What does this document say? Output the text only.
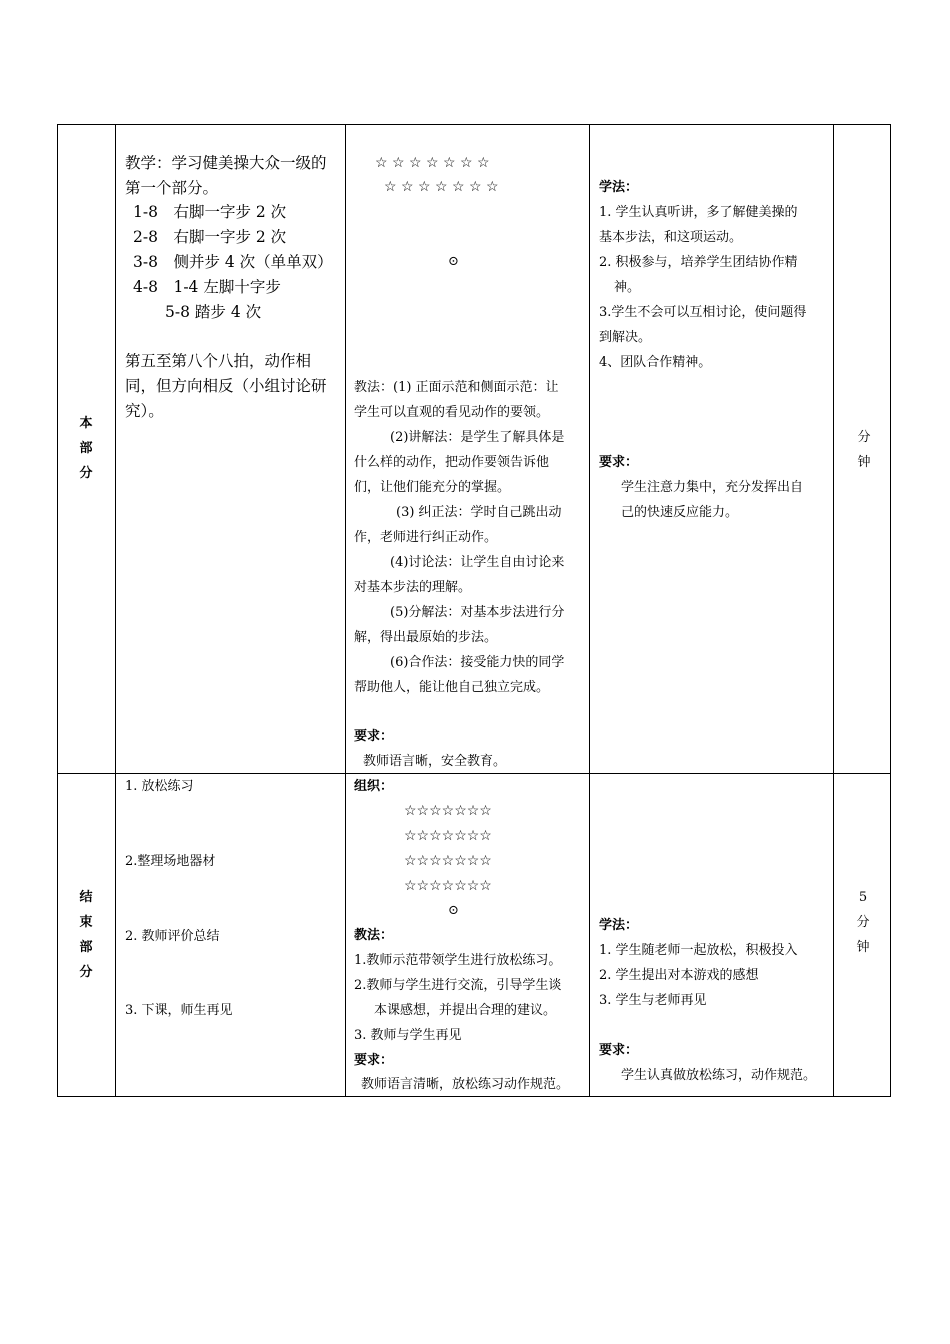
本
部
分
教学：学习健美操大众一级的
第一个部分。
1-8　右脚一字步 2 次
2-8　右脚一字步 2 次
3-8　侧并步 4 次（单单双）
4-8　1-4 左脚十字步
5-8 踏步 4 次
第五至第八个八拍，动作相
同，但方向相反（小组讨论研
究）。
☆ ☆ ☆ ☆ ☆ ☆ ☆
☆ ☆ ☆ ☆ ☆ ☆ ☆
⊙
教法：(1) 正面示范和侧面示范：让
学生可以直观的看见动作的要领。
(2)讲解法：是学生了解具体是
什么样的动作，把动作要领告诉他
们，让他们能充分的掌握。
(3) 纠正法：学时自己跳出动
作，老师进行纠正动作。
(4)讨论法：让学生自由讨论来
对基本步法的理解。
(5)分解法：对基本步法进行分
解，得出最原始的步法。
(6)合作法：接受能力快的同学
帮助他人，能让他自己独立完成。
要求：
教师语言晰，安全教育。
学法：
1. 学生认真听讲，多了解健美操的
基本步法，和这项运动。
2. 积极参与，培养学生团结协作精
神。
3.学生不会可以互相讨论，使问题得
到解决。
4、团队合作精神。
要求：
学生注意力集中，充分发挥出自
己的快速反应能力。
分
钟
结
束
部
分
1. 放松练习
2.整理场地器材
2. 教师评价总结
3. 下课，师生再见
组织：
☆☆☆☆☆☆☆
☆☆☆☆☆☆☆
☆☆☆☆☆☆☆
☆☆☆☆☆☆☆
⊙
教法：
1.教师示范带领学生进行放松练习。
2.教师与学生进行交流，引导学生谈
本课感想，并提出合理的建议。
3. 教师与学生再见
要求：
教师语言清晰，放松练习动作规范。
学法：
1. 学生随老师一起放松，积极投入
2. 学生提出对本游戏的感想
3. 学生与老师再见
要求：
学生认真做放松练习，动作规范。
5
分
钟
